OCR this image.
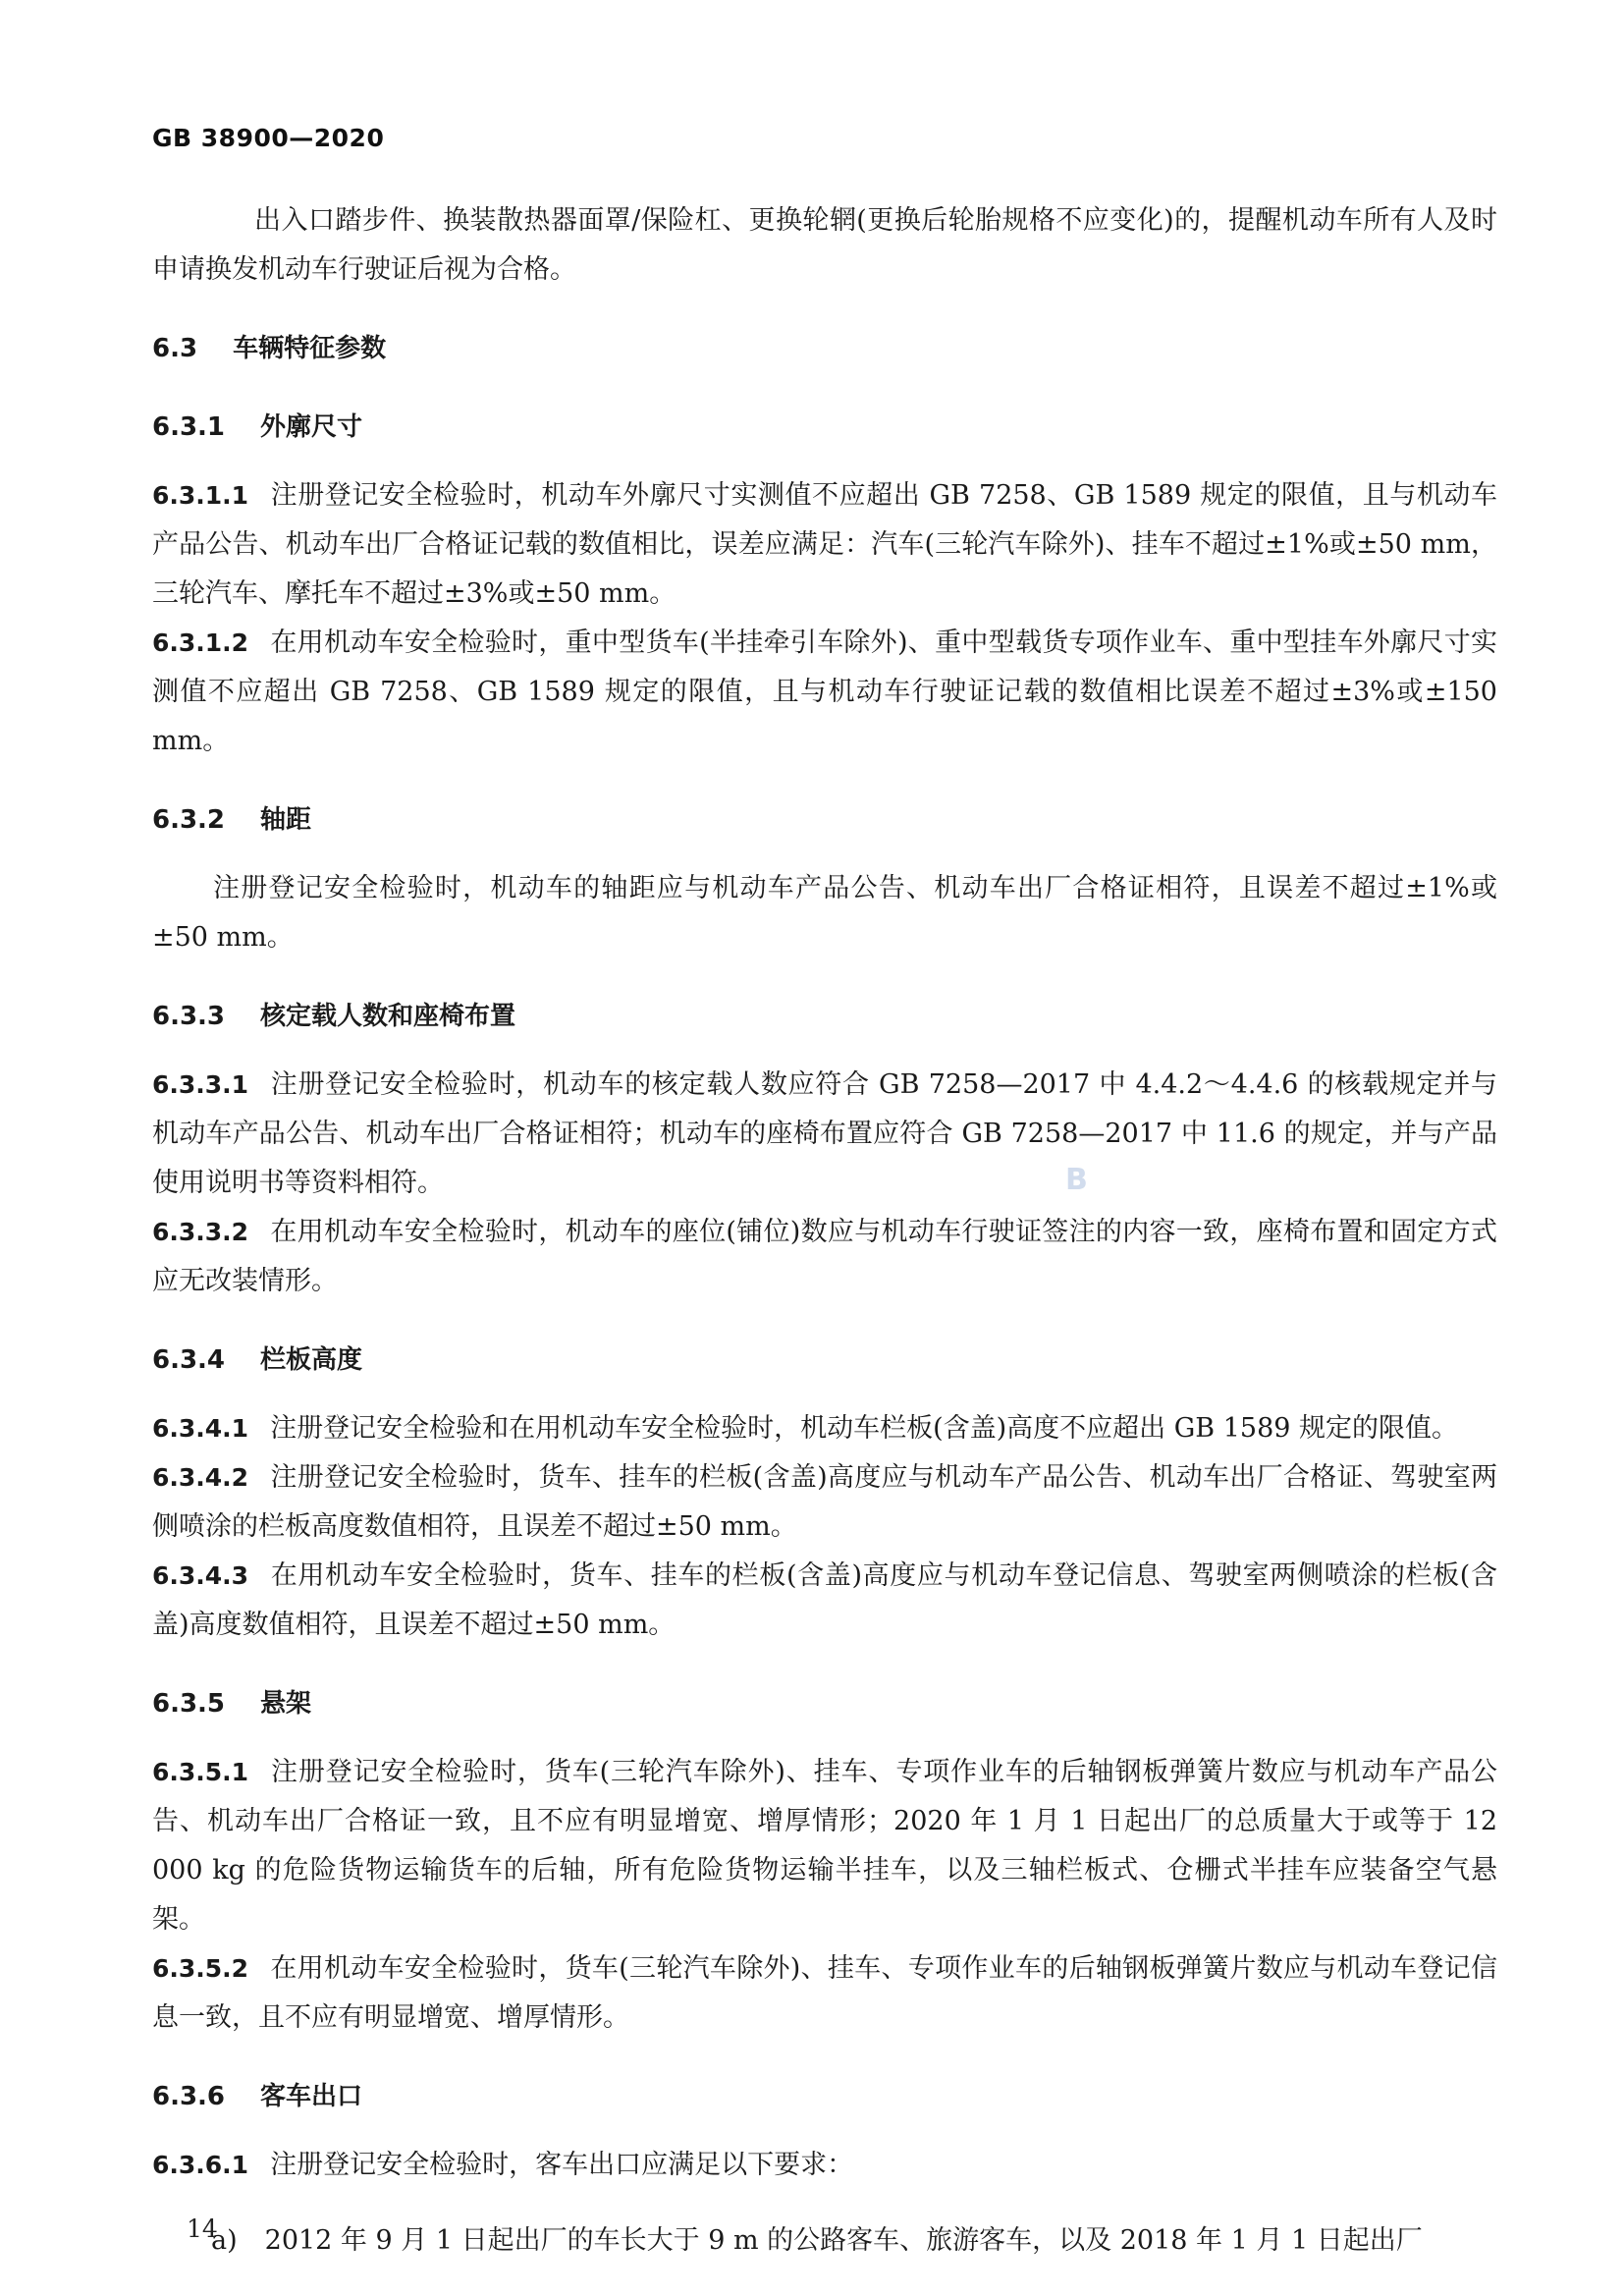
GB 38900—2020

出入口踏步件、换装散热器面罩/保险杠、更换轮辋(更换后轮胎规格不应变化)的，提醒机动车所有人及时申请换发机动车行驶证后视为合格。

6.3 车辆特征参数
6.3.1 外廓尺寸

6.3.1.1 注册登记安全检验时，机动车外廓尺寸实测值不应超出 GB 7258、GB 1589 规定的限值，且与机动车产品公告、机动车出厂合格证记载的数值相比，误差应满足：汽车(三轮汽车除外)、挂车不超过±1%或±50 mm，三轮汽车、摩托车不超过±3%或±50 mm。

6.3.1.2 在用机动车安全检验时，重中型货车(半挂牵引车除外)、重中型载货专项作业车、重中型挂车外廓尺寸实测值不应超出 GB 7258、GB 1589 规定的限值，且与机动车行驶证记载的数值相比误差不超过±3%或±150 mm。

6.3.2 轴距

注册登记安全检验时，机动车的轴距应与机动车产品公告、机动车出厂合格证相符，且误差不超过±1%或±50 mm。

6.3.3 核定载人数和座椅布置

6.3.3.1 注册登记安全检验时，机动车的核定载人数应符合 GB 7258—2017 中 4.4.2～4.4.6 的核载规定并与机动车产品公告、机动车出厂合格证相符；机动车的座椅布置应符合 GB 7258—2017 中 11.6 的规定，并与产品使用说明书等资料相符。

6.3.3.2 在用机动车安全检验时，机动车的座位(铺位)数应与机动车行驶证签注的内容一致，座椅布置和固定方式应无改装情形。

6.3.4 栏板高度

6.3.4.1 注册登记安全检验和在用机动车安全检验时，机动车栏板(含盖)高度不应超出 GB 1589 规定的限值。

6.3.4.2 注册登记安全检验时，货车、挂车的栏板(含盖)高度应与机动车产品公告、机动车出厂合格证、驾驶室两侧喷涂的栏板高度数值相符，且误差不超过±50 mm。

6.3.4.3 在用机动车安全检验时，货车、挂车的栏板(含盖)高度应与机动车登记信息、驾驶室两侧喷涂的栏板(含盖)高度数值相符，且误差不超过±50 mm。

6.3.5 悬架

6.3.5.1 注册登记安全检验时，货车(三轮汽车除外)、挂车、专项作业车的后轴钢板弹簧片数应与机动车产品公告、机动车出厂合格证一致，且不应有明显增宽、增厚情形；2020 年 1 月 1 日起出厂的总质量大于或等于 12 000 kg 的危险货物运输货车的后轴，所有危险货物运输半挂车，以及三轴栏板式、仓栅式半挂车应装备空气悬架。

6.3.5.2 在用机动车安全检验时，货车(三轮汽车除外)、挂车、专项作业车的后轴钢板弹簧片数应与机动车登记信息一致，且不应有明显增宽、增厚情形。

6.3.6 客车出口

6.3.6.1 注册登记安全检验时，客车出口应满足以下要求：

a) 2012 年 9 月 1 日起出厂的车长大于 9 m 的公路客车、旅游客车，以及 2018 年 1 月 1 日起出厂

B
14
